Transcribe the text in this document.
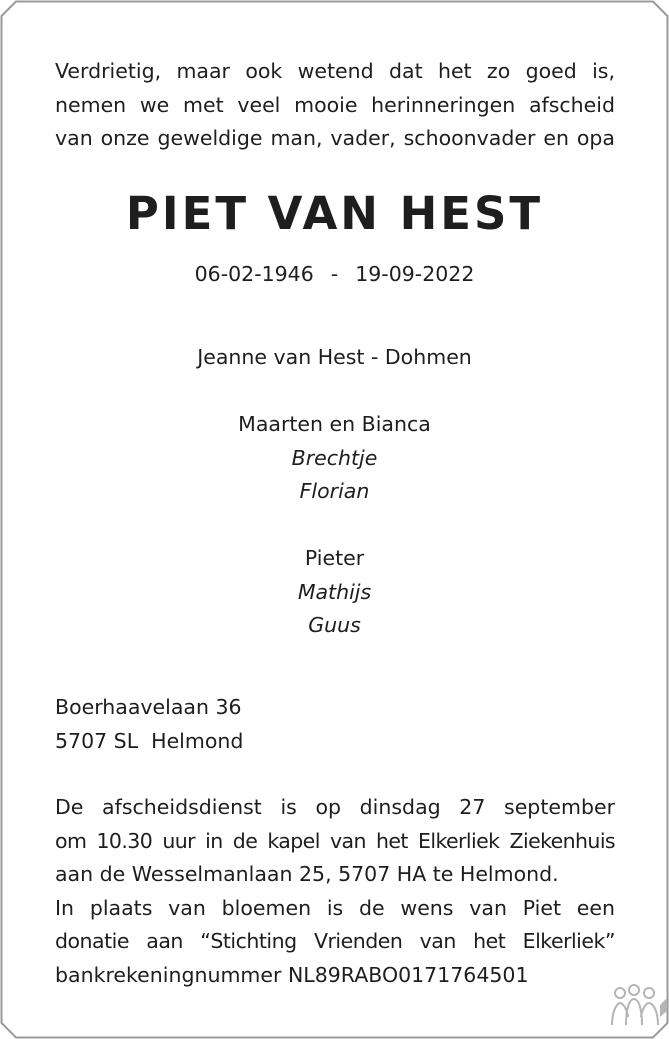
Verdrietig, maar ook wetend dat het zo goed is,
nemen we met veel mooie herinneringen afscheid
van onze geweldige man, vader, schoonvader en opa
PIET VAN HEST
06-02-1946  -  19-09-2022
Jeanne van Hest - Dohmen
Maarten en Bianca
Brechtje
Florian
Pieter
Mathijs
Guus
Boerhaavelaan 36
5707 SL  Helmond
De afscheidsdienst is op dinsdag 27 september
om 10.30 uur in de kapel van het Elkerliek Ziekenhuis
aan de Wesselmanlaan 25, 5707 HA te Helmond.
In plaats van bloemen is de wens van Piet een
donatie aan “Stichting Vrienden van het Elkerliek”
bankrekeningnummer NL89RABO0171764501
